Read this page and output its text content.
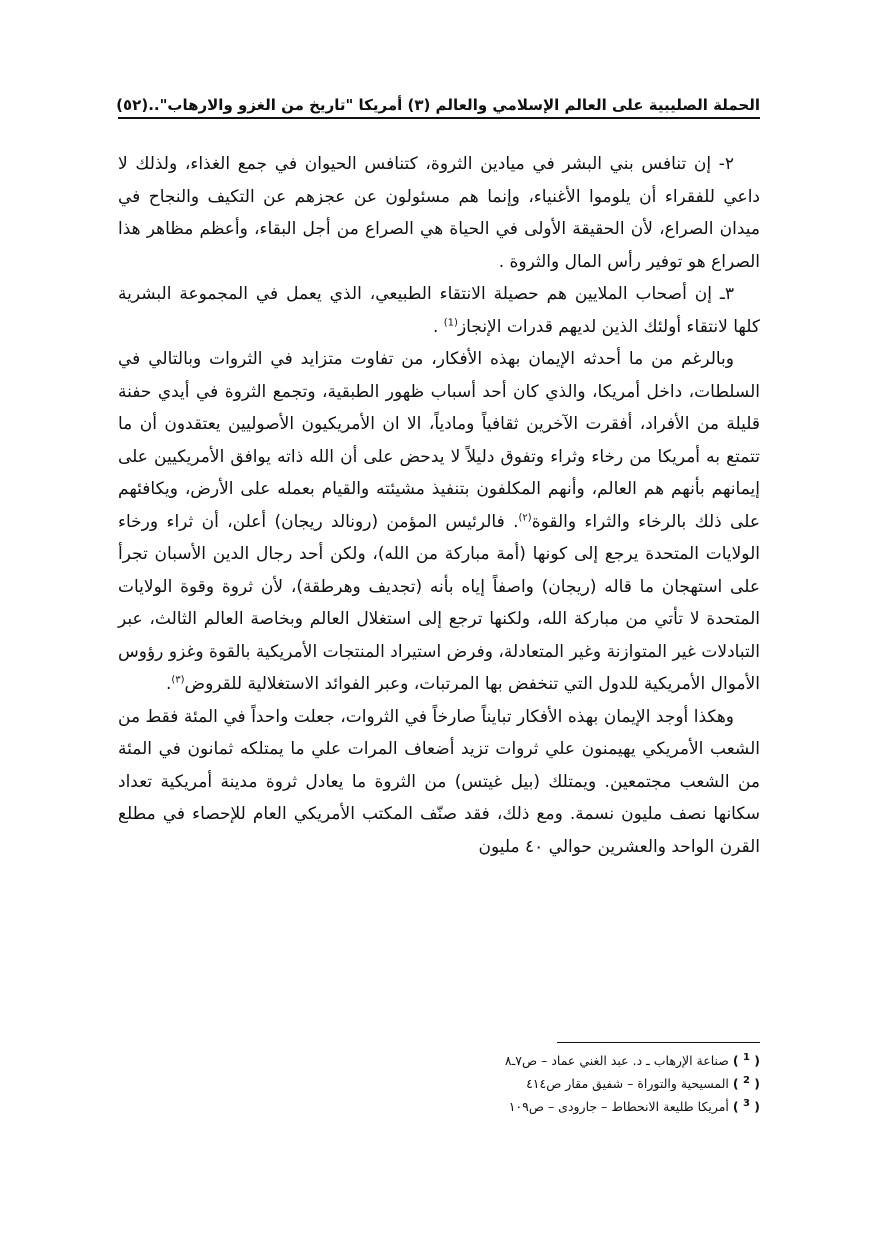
الحملة الصليبية على العالم الإسلامي والعالم (٣) أمريكا "تاريخ من الغزو والارهاب"..
(٥٢)

٢- إن تنافس بني البشر في ميادين الثروة، كتنافس الحيوان في جمع الغذاء، ولذلك لا داعي للفقراء أن يلوموا الأغنياء، وإنما هم مسئولون عن عجزهم عن التكيف والنجاح في ميدان الصراع، لأن الحقيقة الأولى في الحياة هي الصراع من أجل البقاء، وأعظم مظاهر هذا الصراع هو توفير رأس المال والثروة .

٣ـ إن أصحاب الملايين هم حصيلة الانتقاء الطبيعي، الذي يعمل في المجموعة البشرية كلها لانتقاء أولئك الذين لديهم قدرات الإنجاز$^{(1)}$ .

وبالرغم من ما أحدثه الإيمان بهذه الأفكار، من تفاوت متزايد في الثروات وبالتالي في السلطات، داخل أمريكا، والذي كان أحد أسباب ظهور الطبقية، وتجمع الثروة في أيدي حفنة قليلة من الأفراد، أفقرت الآخرين ثقافياً ومادياً، الا ان الأمريكيون الأصوليين يعتقدون أن ما تتمتع به أمريكا من رخاء وثراء وتفوق دليلاً لا يدحض على أن الله ذاته يوافق الأمريكيين على إيمانهم بأنهم هم العالم، وأنهم المكلفون بتنفيذ مشيئته والقيام بعمله على الأرض، ويكافئهم على ذلك بالرخاء والثراء والقوة$^{(٢)}$. فالرئيس المؤمن (رونالد ريجان) أعلن، أن ثراء ورخاء الولايات المتحدة يرجع إلى كونها (أمة مباركة من الله)، ولكن أحد رجال الدين الأسبان تجرأ على استهجان ما قاله (ريجان) واصفاً إياه بأنه (تجديف وهرطقة)، لأن ثروة وقوة الولايات المتحدة لا تأتي من مباركة الله، ولكنها ترجع إلى استغلال العالم وبخاصة العالم الثالث، عبر التبادلات غير المتوازنة وغير المتعادلة، وفرض استيراد المنتجات الأمريكية بالقوة وغزو رؤوس الأموال الأمريكية للدول التي تنخفض بها المرتبات، وعبر الفوائد الاستغلالية للقروض$^{(٣)}$.

وهكذا أوجد الإيمان بهذه الأفكار تبايناً صارخاً في الثروات، جعلت واحداً في المئة فقط من الشعب الأمريكي يهيمنون علي ثروات تزيد أضعاف المرات علي ما يمتلكه ثمانون في المئة من الشعب مجتمعين. ويمتلك (بيل غيتس) من الثروة ما يعادل ثروة مدينة أمريكية تعداد سكانها نصف مليون نسمة. ومع ذلك، فقد صنّف المكتب الأمريكي العام للإحصاء في مطلع القرن الواحد والعشرين حوالي ٤٠ مليون

( $^1$ ) صناعة الإرهاب ـ د. عبد الغني عماد – ص٧ـ٨
( $^2$ ) المسيحية والتوراة – شفيق مقار ص٤١٤
( $^3$ ) أمريكا طليعة الانحطاط – جارودى – ص١٠٩
